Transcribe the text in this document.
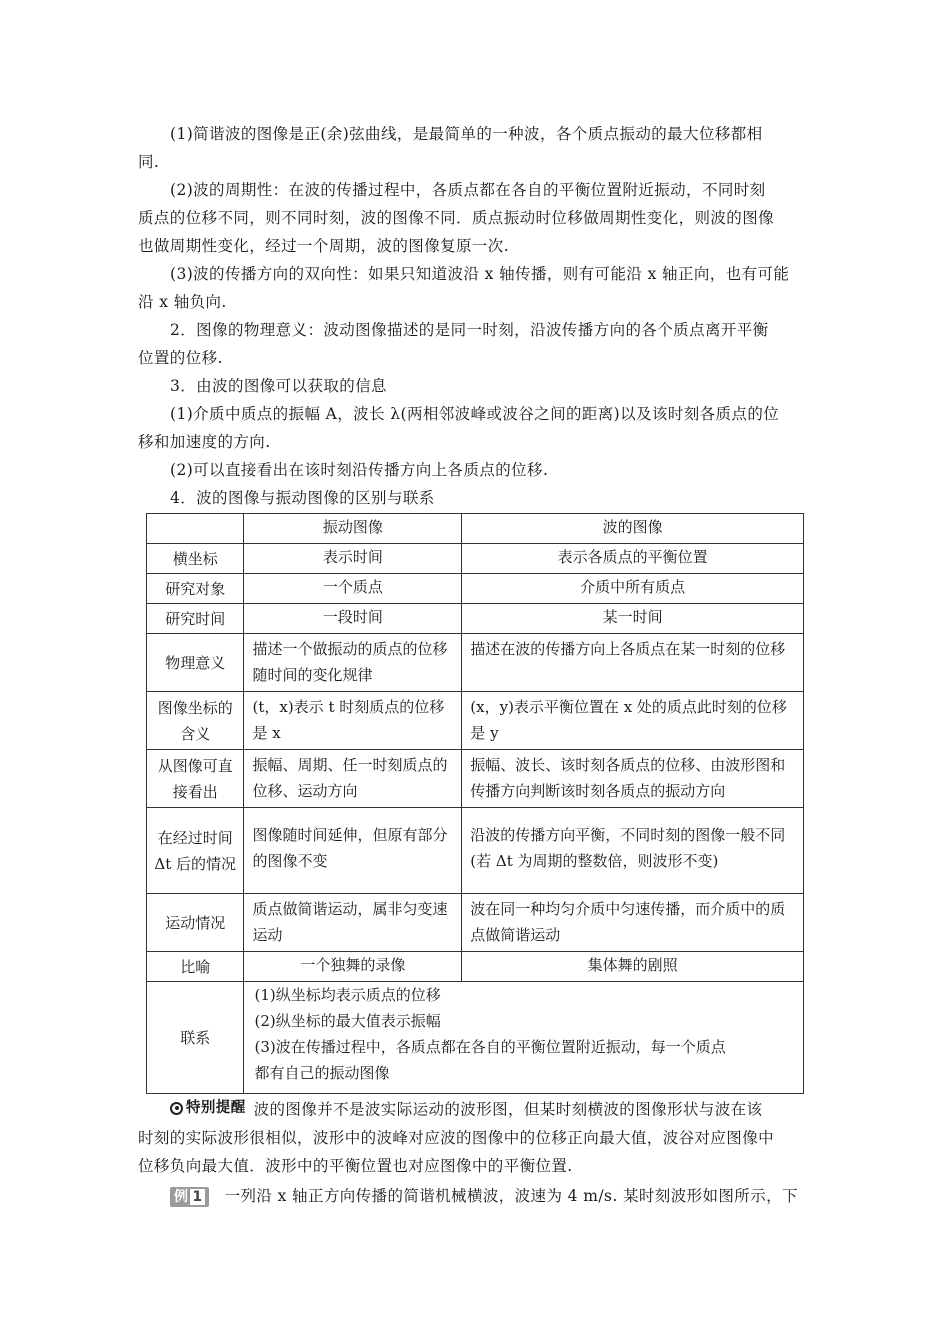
(1)简谐波的图像是正(余)弦曲线，是最简单的一种波，各个质点振动的最大位移都相
同.
(2)波的周期性：在波的传播过程中，各质点都在各自的平衡位置附近振动，不同时刻
质点的位移不同，则不同时刻，波的图像不同．质点振动时位移做周期性变化，则波的图像
也做周期性变化，经过一个周期，波的图像复原一次.
(3)波的传播方向的双向性：如果只知道波沿 x 轴传播，则有可能沿 x 轴正向，也有可能
沿 x 轴负向.
2．图像的物理意义：波动图像描述的是同一时刻，沿波传播方向的各个质点离开平衡
位置的位移.
3．由波的图像可以获取的信息
(1)介质中质点的振幅 A，波长 λ(两相邻波峰或波谷之间的距离)以及该时刻各质点的位
移和加速度的方向.
(2)可以直接看出在该时刻沿传播方向上各质点的位移.
4．波的图像与振动图像的区别与联系
	振动图像	波的图像
横坐标	表示时间	表示各质点的平衡位置
研究对象	一个质点	介质中所有质点
研究时间	一段时间	某一时间
物理意义	描述一个做振动的质点的位移随时间的变化规律	描述在波的传播方向上各质点在某一时刻的位移
图像坐标的含义	(t，x)表示 t 时刻质点的位移是 x	(x，y)表示平衡位置在 x 处的质点此时刻的位移是 y
从图像可直接看出	振幅、周期、任一时刻质点的位移、运动方向	振幅、波长、该时刻各质点的位移、由波形图和传播方向判断该时刻各质点的振动方向
在经过时间 Δt 后的情况	图像随时间延伸，但原有部分的图像不变	沿波的传播方向平衡，不同时刻的图像一般不同(若 Δt 为周期的整数倍，则波形不变)
运动情况	质点做简谐运动，属非匀变速运动	波在同一种均匀介质中匀速传播，而介质中的质点做简谐运动
比喻	一个独舞的录像	集体舞的剧照
联系	(1)纵坐标均表示质点的位移
(2)纵坐标的最大值表示振幅
(3)波在传播过程中，各质点都在各自的平衡位置附近振动，每一个质点
都有自己的振动图像	
特别提醒 波的图像并不是波实际运动的波形图，但某时刻横波的图像形状与波在该
时刻的实际波形很相似，波形中的波峰对应波的图像中的位移正向最大值，波谷对应图像中
位移负向最大值．波形中的平衡位置也对应图像中的平衡位置.
例 1 一列沿 x 轴正方向传播的简谐机械横波，波速为 4 m/s. 某时刻波形如图所示，下
